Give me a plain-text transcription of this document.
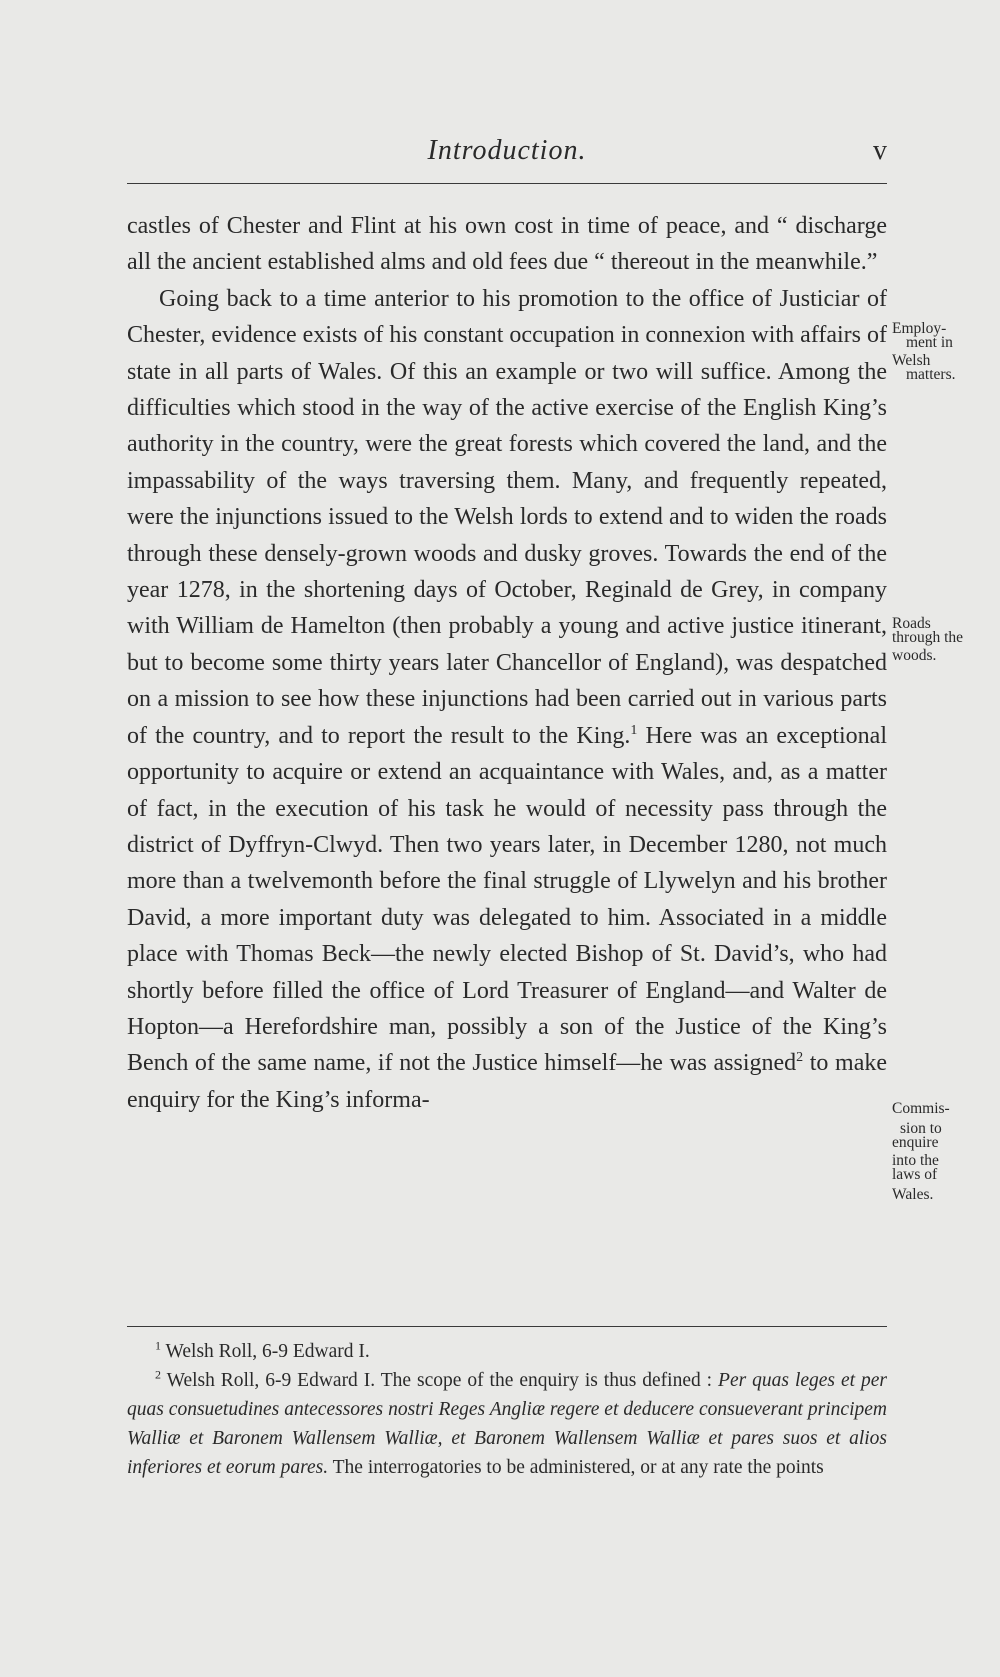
Introduction.	v

castles of Chester and Flint at his own cost in time of peace, and “ discharge all the ancient established alms and old fees due “ thereout in the meanwhile.”

Going back to a time anterior to his promotion to the office of Justiciar of Chester, evidence exists of his constant occupation in connexion with affairs of state in all parts of Wales. Of this an example or two will suffice. Among the difficulties which stood in the way of the active exercise of the English King’s authority in the country, were the great forests which covered the land, and the impassability of the ways traversing them. Many, and frequently repeated, were the injunctions issued to the Welsh lords to extend and to widen the roads through these densely-grown woods and dusky groves. Towards the end of the year 1278, in the shortening days of October, Reginald de Grey, in company with William de Hamelton (then probably a young and active justice itinerant, but to become some thirty years later Chancellor of England), was despatched on a mission to see how these injunctions had been carried out in various parts of the country, and to report the result to the King.$^1$ Here was an exceptional opportunity to acquire or extend an acquaintance with Wales, and, as a matter of fact, in the execution of his task he would of necessity pass through the district of Dyffryn-Clwyd. Then two years later, in December 1280, not much more than a twelvemonth before the final struggle of Llywelyn and his brother David, a more important duty was delegated to him. Associated in a middle place with Thomas Beck—the newly elected Bishop of St. David’s, who had shortly before filled the office of Lord Treasurer of England—and Walter de Hopton—a Herefordshire man, possibly a son of the Justice of the King’s Bench of the same name, if not the Justice himself—he was assigned$^2$ to make enquiry for the King’s informa-

Employ-
ment in
Welsh
matters.
Roads
through the
woods.
Commis-
sion to
enquire
into the
laws of
Wales.

$^1$ Welsh Roll, 6-9 Edward I.

$^2$ Welsh Roll, 6-9 Edward I. The scope of the enquiry is thus defined : Per quas leges et per quas consuetudines antecessores nostri Reges Angliæ regere et deducere consueverant principem Walliæ et Baronem Wallensem Walliæ, et Baronem Wallensem Walliæ et pares suos et alios inferiores et eorum pares. The interrogatories to be administered, or at any rate the points
